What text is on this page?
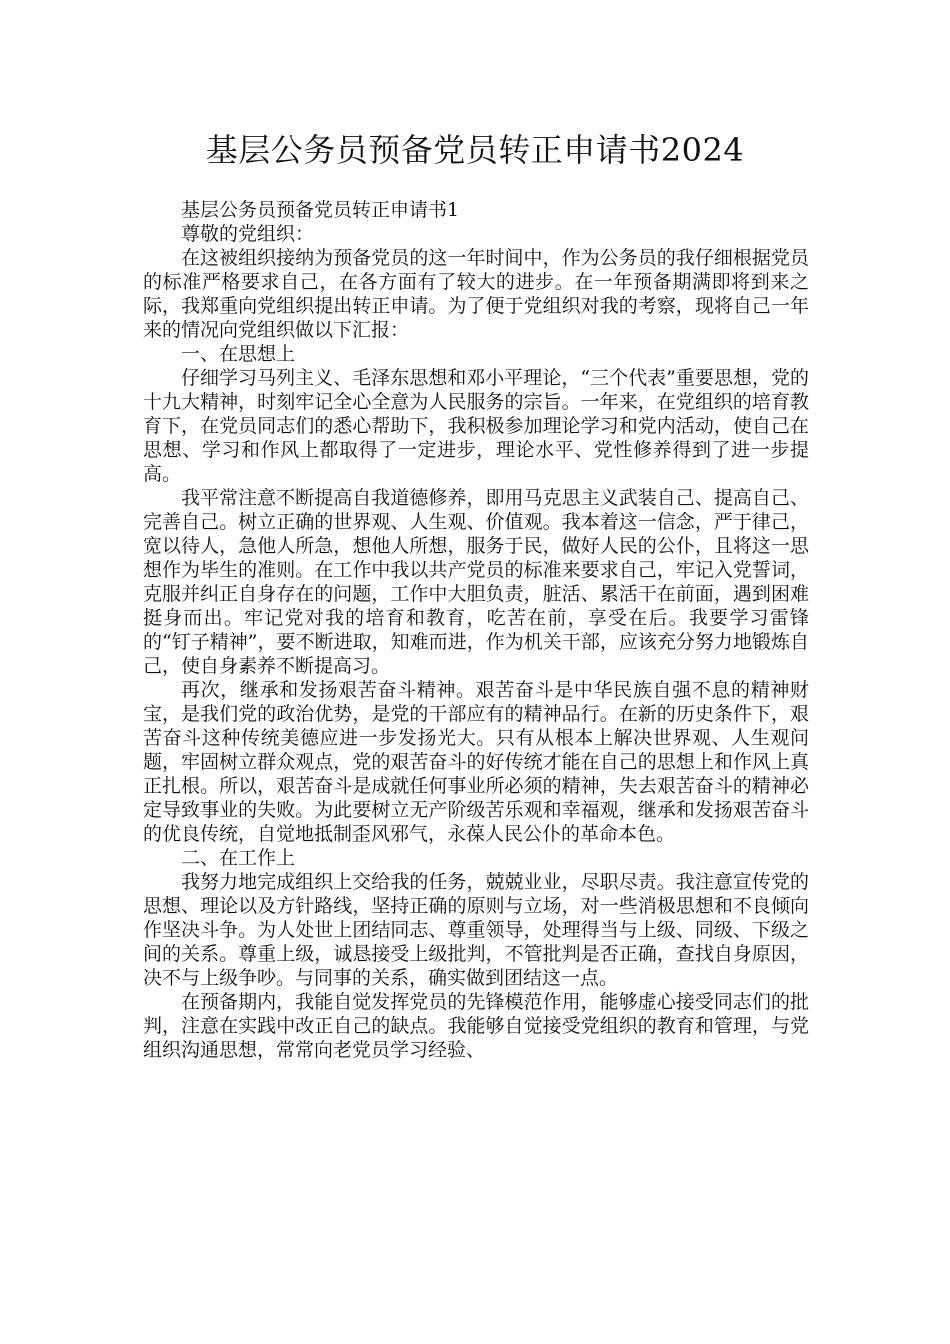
基层公务员预备党员转正申请书2024

基层公务员预备党员转正申请书1

尊敬的党组织：

在这被组织接纳为预备党员的这一年时间中，作为公务员的我仔细根据党员的标准严格要求自己，在各方面有了较大的进步。在一年预备期满即将到来之际，我郑重向党组织提出转正申请。为了便于党组织对我的考察，现将自己一年来的情况向党组织做以下汇报：

一、在思想上

仔细学习马列主义、毛泽东思想和邓小平理论，“三个代表”重要思想，党的十九大精神，时刻牢记全心全意为人民服务的宗旨。一年来，在党组织的培育教育下，在党员同志们的悉心帮助下，我积极参加理论学习和党内活动，使自己在思想、学习和作风上都取得了一定进步，理论水平、党性修养得到了进一步提高。

我平常注意不断提高自我道德修养，即用马克思主义武装自己、提高自己、完善自己。树立正确的世界观、人生观、价值观。我本着这一信念，严于律己，宽以待人，急他人所急，想他人所想，服务于民，做好人民的公仆，且将这一思想作为毕生的准则。在工作中我以共产党员的标准来要求自己，牢记入党誓词，克服并纠正自身存在的问题，工作中大胆负责，脏活、累活干在前面，遇到困难挺身而出。牢记党对我的培育和教育，吃苦在前，享受在后。我要学习雷锋的“钉子精神”，要不断进取，知难而进，作为机关干部，应该充分努力地锻炼自己，使自身素养不断提高习。

再次，继承和发扬艰苦奋斗精神。艰苦奋斗是中华民族自强不息的精神财宝，是我们党的政治优势，是党的干部应有的精神品行。在新的历史条件下，艰苦奋斗这种传统美德应进一步发扬光大。只有从根本上解决世界观、人生观问题，牢固树立群众观点，党的艰苦奋斗的好传统才能在自己的思想上和作风上真正扎根。所以，艰苦奋斗是成就任何事业所必须的精神，失去艰苦奋斗的精神必定导致事业的失败。为此要树立无产阶级苦乐观和幸福观，继承和发扬艰苦奋斗的优良传统，自觉地抵制歪风邪气，永葆人民公仆的革命本色。

二、在工作上

我努力地完成组织上交给我的任务，兢兢业业，尽职尽责。我注意宣传党的思想、理论以及方针路线，坚持正确的原则与立场，对一些消极思想和不良倾向作坚决斗争。为人处世上团结同志、尊重领导，处理得当与上级、同级、下级之间的关系。尊重上级，诚恳接受上级批判，不管批判是否正确，查找自身原因，决不与上级争吵。与同事的关系，确实做到团结这一点。

在预备期内，我能自觉发挥党员的先锋模范作用，能够虚心接受同志们的批判，注意在实践中改正自己的缺点。我能够自觉接受党组织的教育和管理，与党组织沟通思想，常常向老党员学习经验、
